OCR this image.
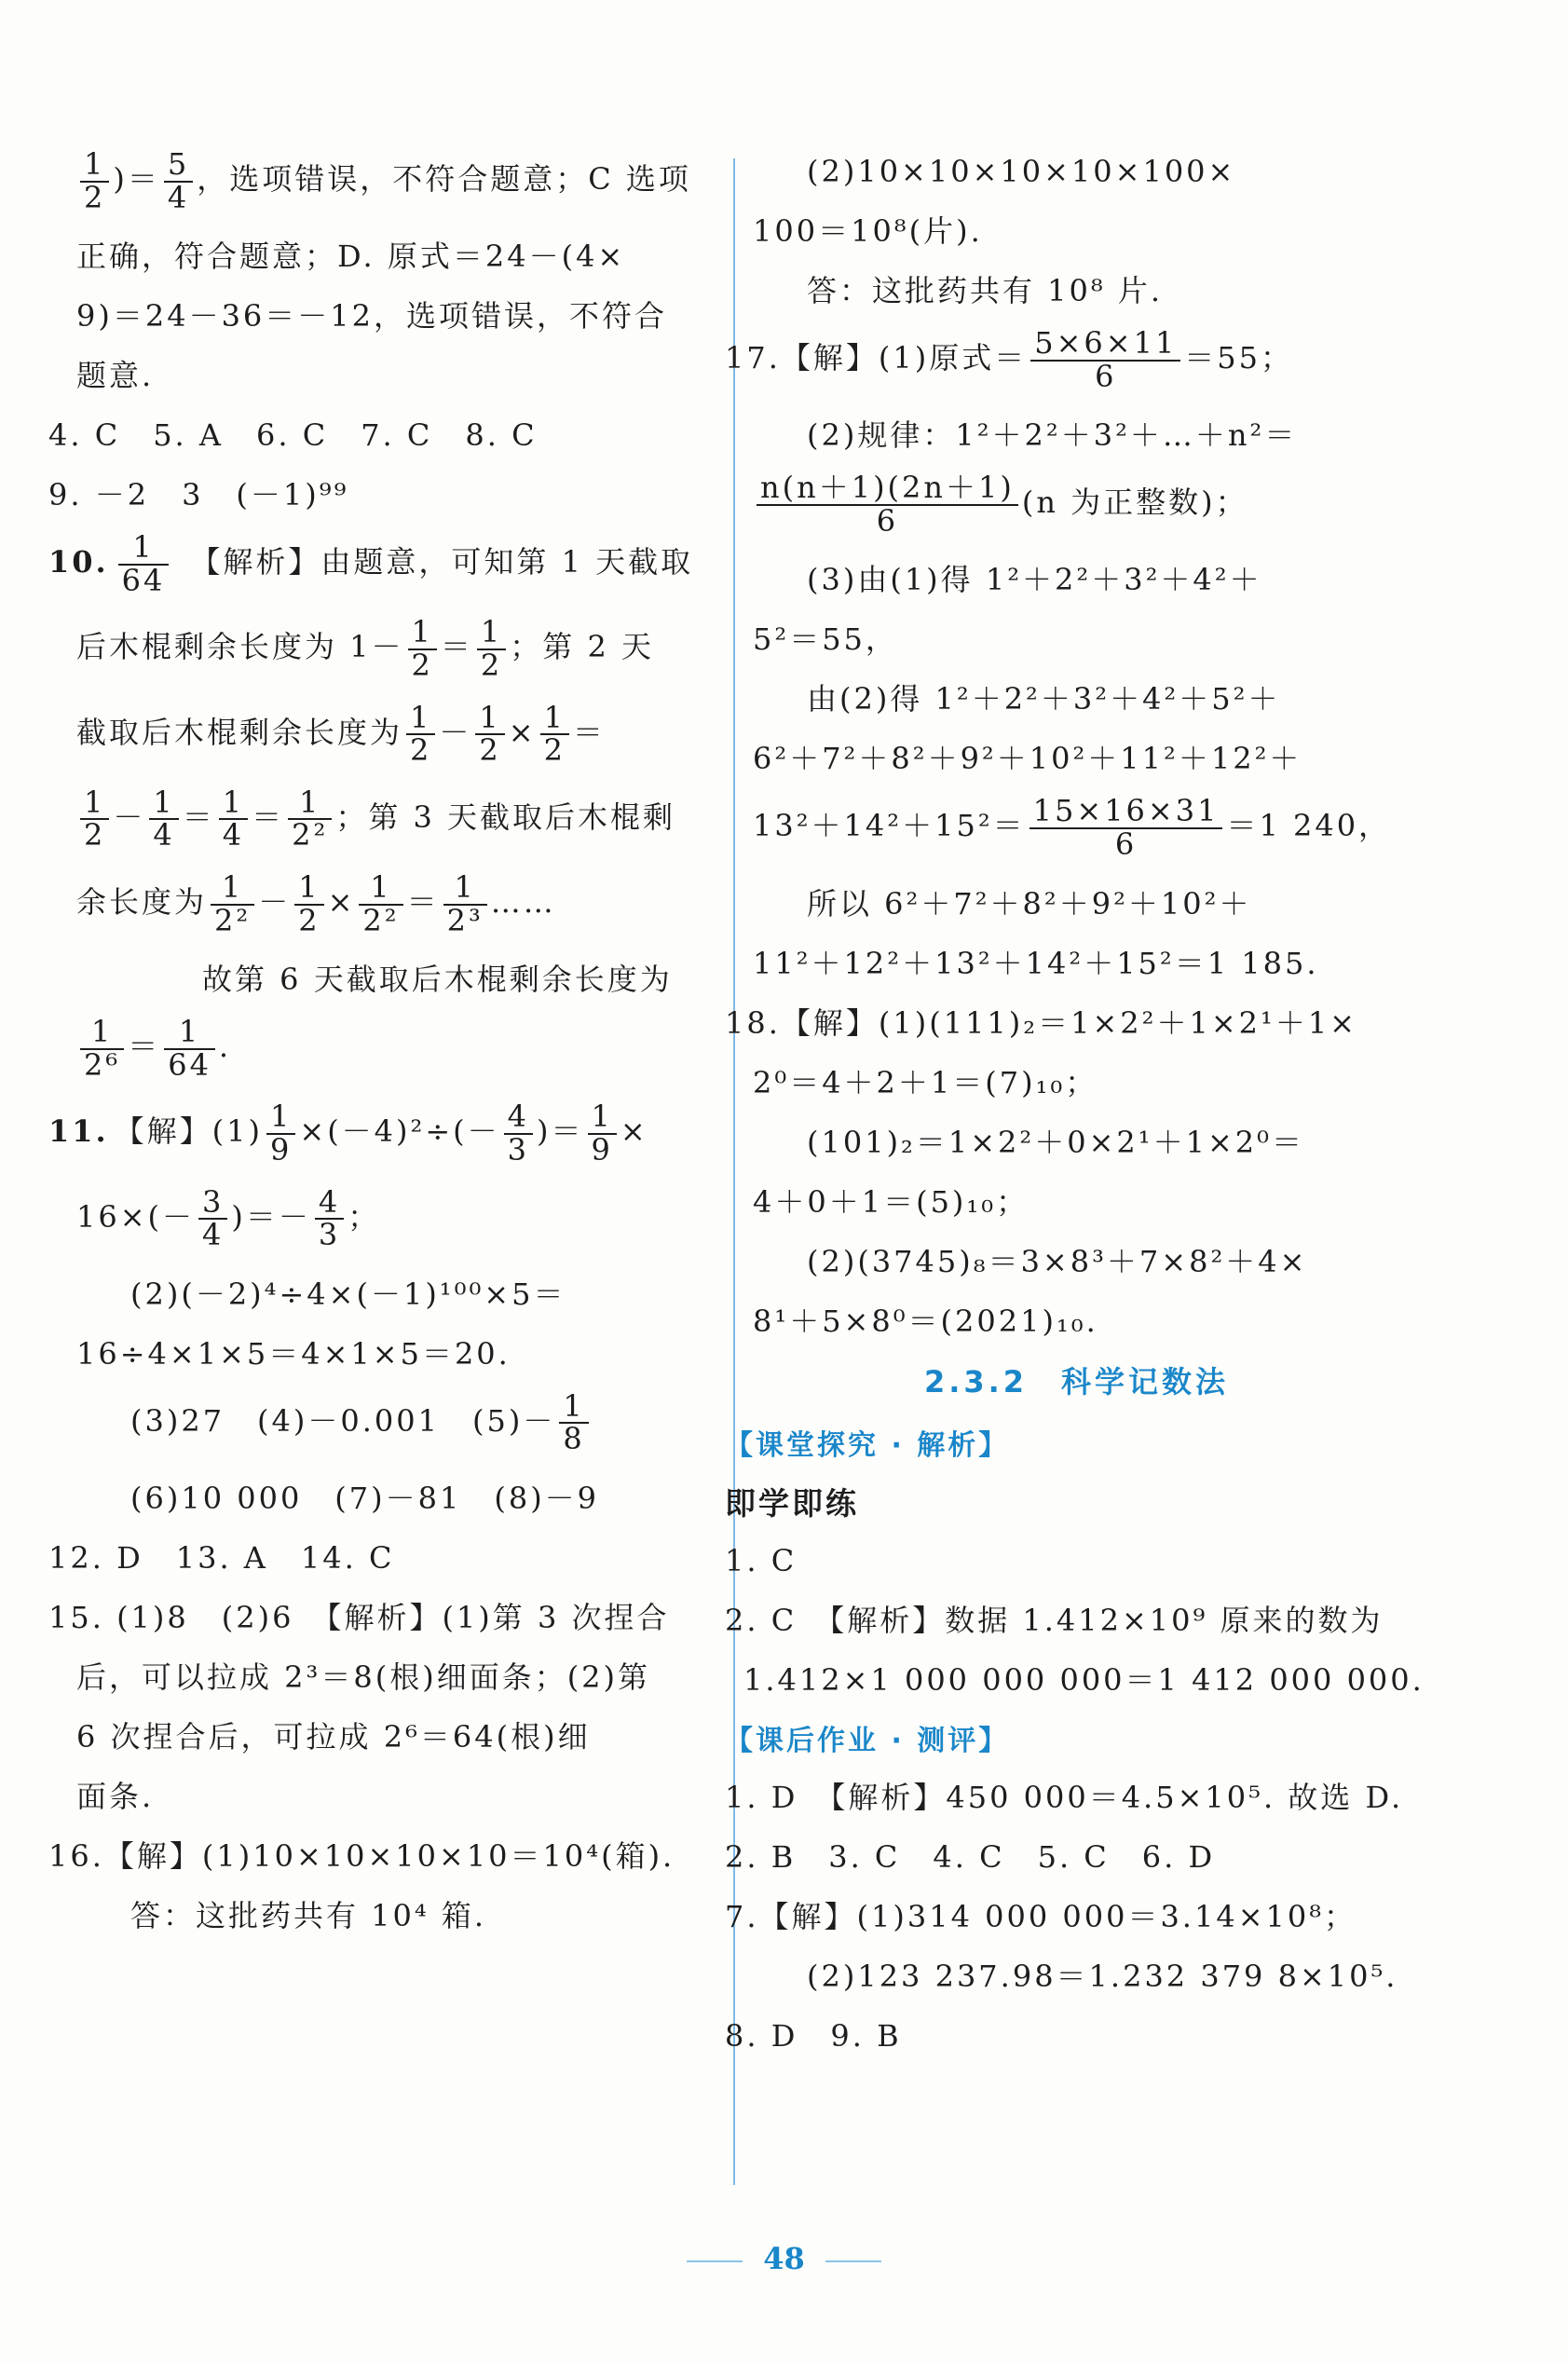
$\frac{1}{2}$ )＝ $\frac{5}{4}$ ，选项错误，不符合题意；C 选项
正确，符合题意；D. 原式＝24－(4×
9)＝24－36＝－12，选项错误，不符合
题意.
4. C　5. A　6. C　7. C　8. C
9. －2　3　(－1)⁹⁹
10. $\frac{1}{64}$
　 【解析】由题意，可知第 1 天截取
后木棍剩余长度为 $1- \frac{1}{2} = \frac{1}{2}$ ；第 2 天
截取后木棍剩余长度为 $\frac{1}{2} - \frac{1}{2} \times \frac{1}{2}$ ＝
$\frac{1}{2} - \frac{1}{4} = \frac{1}{4} = \frac{1}{\text{2²}}$ ；第 3 天截取后木棍剩
余长度为 $\frac{1}{\text{2²}} - \frac{1}{2} \times \frac{1}{\text{2²}} = \frac{1}{\text{2³}}$ ……
故第 6 天截取后木棍剩余长度为
$\frac{1}{\text{2⁶}} = \frac{1}{64}$ .
11. 【解】$(1) \frac{1}{9} \times(-4)^2\div(- \frac{4}{3}$ )＝ $\frac{1}{9}$ ×
$16\times(- \frac{3}{4}$ )＝－ $\frac{4}{3}$ ；
(2)(－2)⁴÷4×(－1)¹⁰⁰×5＝
16÷4×1×5＝4×1×5＝20.
(3)27　(4)－0.001　$(5)- \frac{1}{8}$
(6)10 000　(7)－81　(8)－9
12. D　13. A　14. C
15. (1)8　(2)6　【解析】(1)第 3 次捏合
后，可以拉成 2³＝8(根)细面条；(2)第
6 次捏合后，可拉成 2⁶＝64(根)细
面条.
16.【解】(1)10×10×10×10＝10⁴(箱).
答：这批药共有 10⁴ 箱.
(2)10×10×10×10×100×
100＝10⁸(片).
答：这批药共有 10⁸ 片.
17.【解】(1)原式＝ $\frac{5\times 6\times 11}{6} =55$；
(2)规律：1²＋2²＋3²＋…＋n²＝
$\frac{n(n+1)(2n+1)}{6} (n$ 为正整数)；
(3)由(1)得 1²＋2²＋3²＋4²＋
5²＝55，
由(2)得 1²＋2²＋3²＋4²＋5²＋
6²＋7²＋8²＋9²＋10²＋11²＋12²＋
$13^2+14^2+15^2= \frac{15\times 16\times 31}{6} =1$ 240，
所以 6²＋7²＋8²＋9²＋10²＋
11²＋12²＋13²＋14²＋15²＝1 185.
18.【解】(1)(111)₂＝1×2²＋1×2¹＋1×
2⁰＝4＋2＋1＝(7)₁₀；
(101)₂＝1×2²＋0×2¹＋1×2⁰＝
4＋0＋1＝(5)₁₀；
(2)(3745)₈＝3×8³＋7×8²＋4×
8¹＋5×8⁰＝(2021)₁₀.
2.3.2　科学记数法
【课堂探究 · 解析】
即学即练
1. C
2. C　【解析】数据 1.412×10⁹ 原来的数为
1.412×1 000 000 000＝1 412 000 000.
【课后作业 · 测评】
1. D　【解析】450 000＝4.5×10⁵. 故选 D.
2. B　3. C　4. C　5. C　6. D
7.【解】(1)314 000 000＝3.14×10⁸；
(2)123 237.98＝1.232 379 8×10⁵.
8. D　9. B
48
